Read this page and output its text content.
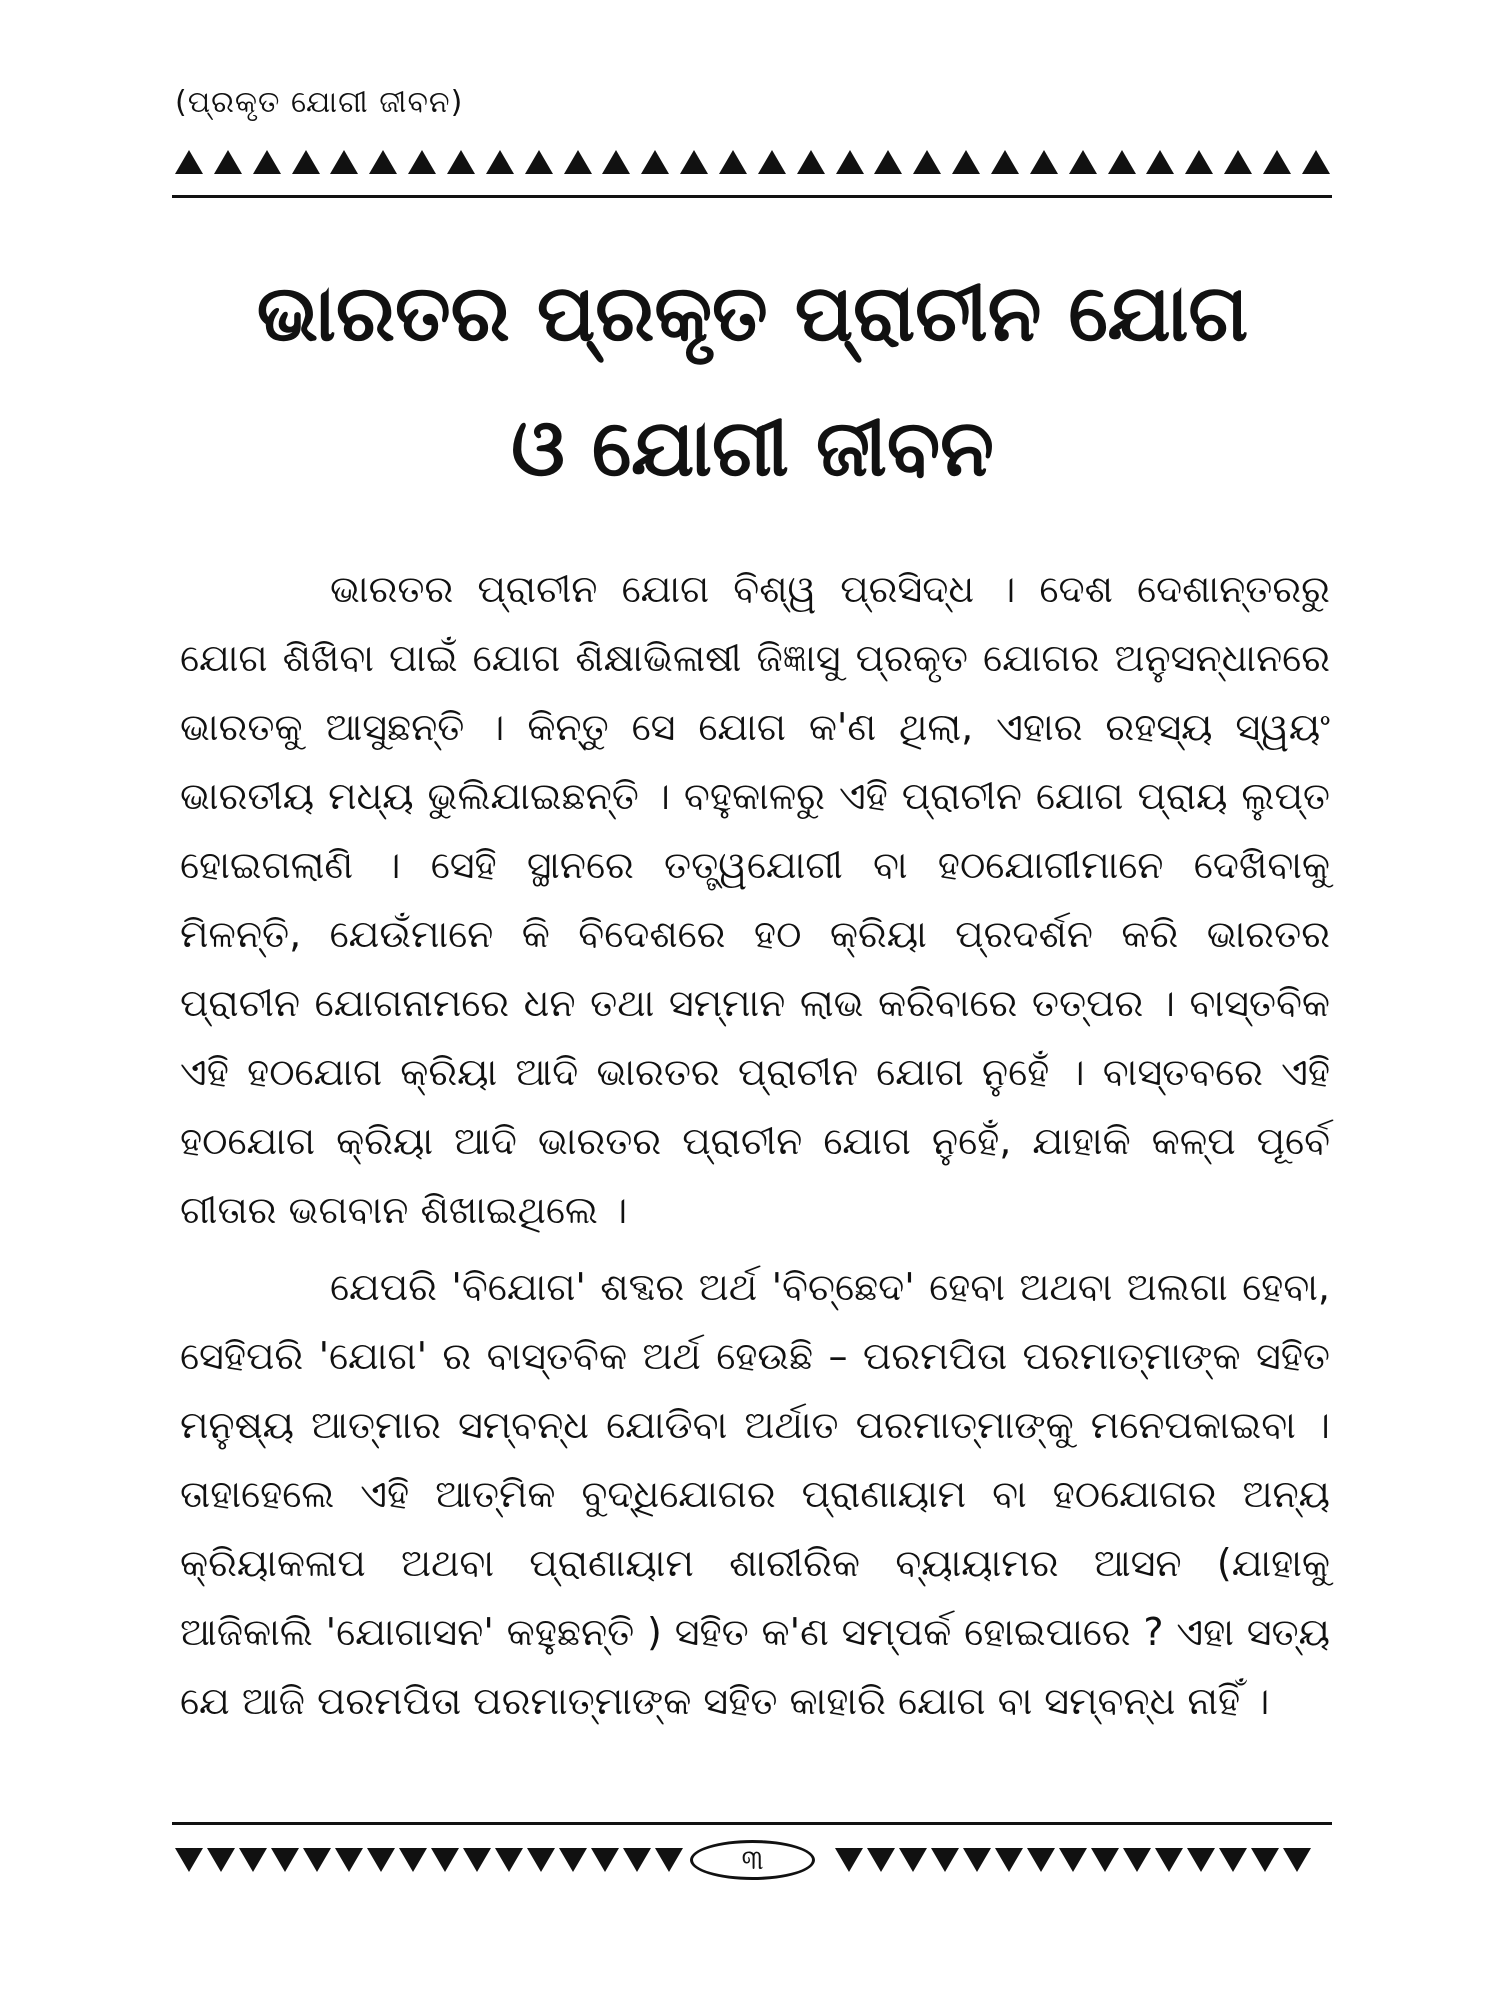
(ପ୍ରକୃତ ଯୋଗୀ ଜୀବନ)
ଭାରତର ପ୍ରକୃତ ପ୍ରାଚୀନ ଯୋଗ
ଓ ଯୋଗୀ ଜୀବନ

ଭାରତର ପ୍ରାଚୀନ ଯୋଗ ବିଶ୍ୱ ପ୍ରସିଦ୍ଧ । ଦେଶ ଦେଶାନ୍ତରରୁ ଯୋଗ ଶିଖିବା ପାଇଁ ଯୋଗ ଶିକ୍ଷାଭିଳାଷୀ ଜିଜ୍ଞାସୁ ପ୍ରକୃତ ଯୋଗର ଅନୁସନ୍ଧାନରେ ଭାରତକୁ ଆସୁଛନ୍ତି । କିନ୍ତୁ ସେ ଯୋଗ କ'ଣ ଥିଲା, ଏହାର ରହସ୍ୟ ସ୍ୱୟଂ ଭାରତୀୟ ମଧ୍ୟ ଭୁଲିଯାଇଛନ୍ତି । ବହୁକାଳରୁ ଏହି ପ୍ରାଚୀନ ଯୋଗ ପ୍ରାୟ ଲୁପ୍ତ ହୋଇଗଲାଣି । ସେହି ସ୍ଥାନରେ ତତ୍ତ୍ୱଯୋଗୀ ବା ହଠଯୋଗୀମାନେ ଦେଖିବାକୁ ମିଳନ୍ତି, ଯେଉଁମାନେ କି ବିଦେଶରେ ହଠ କ୍ରିୟା ପ୍ରଦର୍ଶନ କରି ଭାରତର ପ୍ରାଚୀନ ଯୋଗନାମରେ ଧନ ତଥା ସମ୍ମାନ ଲାଭ କରିବାରେ ତତ୍ପର । ବାସ୍ତବିକ ଏହି ହଠଯୋଗ କ୍ରିୟା ଆଦି ଭାରତର ପ୍ରାଚୀନ ଯୋଗ ନୁହେଁ । ବାସ୍ତବରେ ଏହି ହଠଯୋଗ କ୍ରିୟା ଆଦି ଭାରତର ପ୍ରାଚୀନ ଯୋଗ ନୁହେଁ, ଯାହାକି କଳ୍ପ ପୂର୍ବେ ଗୀତାର ଭଗବାନ ଶିଖାଇଥିଲେ ।

ଯେପରି 'ବିଯୋଗ' ଶବ୍ଦର ଅର୍ଥ 'ବିଚ୍ଛେଦ' ହେବା ଅଥବା ଅଲଗା ହେବା, ସେହିପରି 'ଯୋଗ' ର ବାସ୍ତବିକ ଅର୍ଥ ହେଉଛି – ପରମପିତା ପରମାତ୍ମାଙ୍କ ସହିତ ମନୁଷ୍ୟ ଆତ୍ମାର ସମ୍ବନ୍ଧ ଯୋଡିବା ଅର୍ଥାତ ପରମାତ୍ମାଙ୍କୁ ମନେପକାଇବା । ତାହାହେଲେ ଏହି ଆତ୍ମିକ ବୁଦ୍ଧିଯୋଗର ପ୍ରାଣାୟାମ ବା ହଠଯୋଗର ଅନ୍ୟ କ୍ରିୟାକଳାପ ଅଥବା ପ୍ରାଣାୟାମ ଶାରୀରିକ ବ୍ୟାୟାମର ଆସନ (ଯାହାକୁ ଆଜିକାଲି 'ଯୋଗାସନ' କହୁଛନ୍ତି ) ସହିତ କ'ଣ ସମ୍ପର୍କ ହୋଇପାରେ ? ଏହା ସତ୍ୟ ଯେ ଆଜି ପରମପିତା ପରମାତ୍ମାଙ୍କ ସହିତ କାହାରି ଯୋଗ ବା ସମ୍ବନ୍ଧ ନାହିଁ ।

୩
